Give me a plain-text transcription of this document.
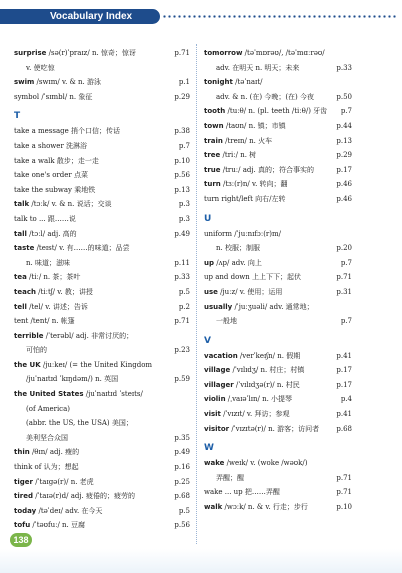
Vocabulary Index
surprise /sə(r)ˈpraɪz/ n. 惊奇；惊讶	p.71
v. 使吃惊
swim /swɪm/ v. & n. 游泳	p.1
symbol /ˈsɪmbl/ n. 象征	p.29
T
take a message 捎个口信；传话	p.38
take a shower 洗淋浴	p.7
take a walk 散步；走一走	p.10
take one's order 点菜	p.56
take the subway 乘地铁	p.13
talk /tɔːk/ v. & n. 说话；交谈	p.3
talk to ... 跟……说	p.3
tall /tɔːl/ adj. 高的	p.49
taste /teɪst/ v. 有……的味道；品尝
n. 味道；滋味	p.11
tea /tiː/ n. 茶；茶叶	p.33
teach /tiːtʃ/ v. 教；讲授	p.5
tell /tel/ v. 讲述；告诉	p.2
tent /tent/ n. 帐篷	p.71
terrible /ˈterəbl/ adj. 非常讨厌的；
可怕的	p.23
the UK /juːkeɪ/ (= the United Kingdom
/juˈnaɪtɪd ˈkɪŋdəm/) n. 英国	p.59
the United States /juˈnaɪtɪd ˈsteɪts/
(of America)
(abbr. the US, the USA) 美国；
美利坚合众国	p.35
thin /θɪn/ adj. 瘦的	p.49
think of 认为；想起	p.16
tiger /ˈtaɪgə(r)/ n. 老虎	p.25
tired /ˈtaɪə(r)d/ adj. 疲倦的；疲劳的	p.68
today /təˈdeɪ/ adv. 在今天	p.5
tofu /ˈtəʊfuː/ n. 豆腐	p.56
tomorrow /təˈmɒrəʊ/, /təˈmɑːrəʊ/
adv. 在明天 n. 明天；未来	p.33
tonight /təˈnaɪt/
adv. & n. (在) 今晚；(在) 今夜	p.50
tooth /tuːθ/ n. (pl. teeth /tiːθ/) 牙齿 p.7
town /taʊn/ n. 镇；市镇	p.44
train /treɪn/ n. 火车	p.13
tree /triː/ n. 树	p.29
true /truː/ adj. 真的；符合事实的	p.17
turn /tɜː(r)n/ v. 转向；翻	p.46
turn right/left 向右/左转	p.46
U
uniform /ˈjuːnɪfɔː(r)m/
n. 校服；制服	p.20
up /ʌp/ adv. 向上	p.7
up and down 上上下下；起伏	p.71
use /juːz/ v. 使用；运用	p.31
usually /ˈjuːʒuəli/ adv. 通常地；
一般地	p.7
V
vacation /verˈkeɪʃn/ n. 假期	p.41
village /ˈvɪlɪdʒ/ n. 村庄；村镇	p.17
villager /ˈvɪlɪdʒə(r)/ n. 村民	p.17
violin /ˌvaɪəˈlɪn/ n. 小提琴	p.4
visit /ˈvɪzɪt/ v. 拜访；参观	p.41
visitor /ˈvɪzɪtə(r)/ n. 游客；访问者 p.68
W
wake /weɪk/ v. (woke /wəʊk/)
弄醒；醒	p.71
wake ... up 把……弄醒	p.71
walk /wɔːk/ n. & v. 行走；步行	p.10
138
